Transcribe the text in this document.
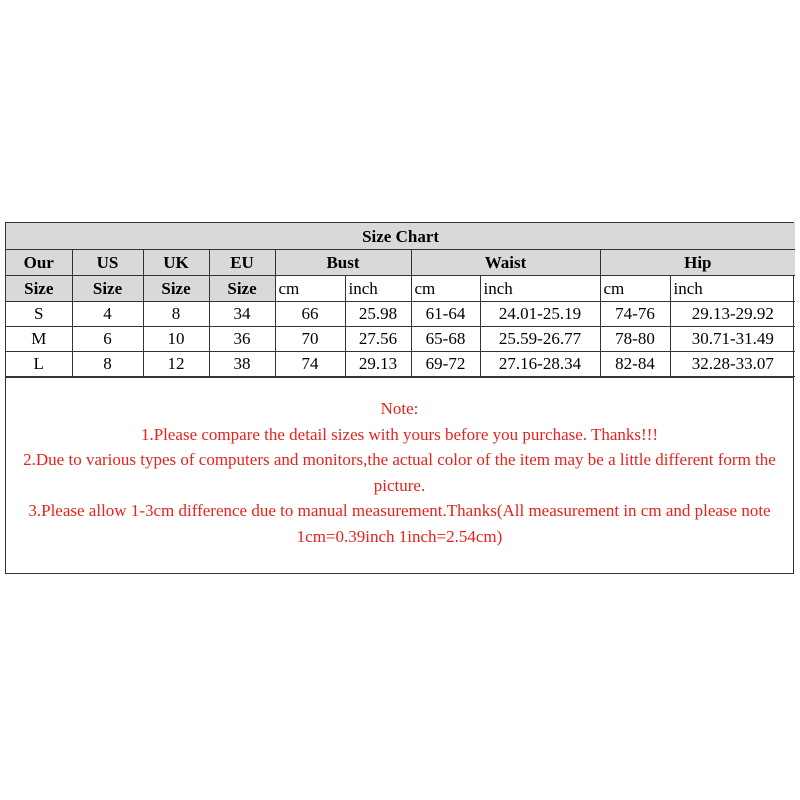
Size Chart									
Our	US	UK	EU	Bust		Waist		Hip	
Size	Size	Size	Size	cm	inch	cm	inch	cm	inch
S	4	8	34	66	25.98	61-64	24.01-25.19	74-76	29.13-29.92
M	6	10	36	70	27.56	65-68	25.59-26.77	78-80	30.71-31.49
L	8	12	38	74	29.13	69-72	27.16-28.34	82-84	32.28-33.07
Note:
1.Please compare the detail sizes with yours before you purchase. Thanks!!!
2.Due to various types of computers and monitors,the actual color of the item may be a little different form the picture.
3.Please allow 1-3cm difference due to manual measurement.Thanks(All measurement in cm and please note 1cm=0.39inch 1inch=2.54cm)
